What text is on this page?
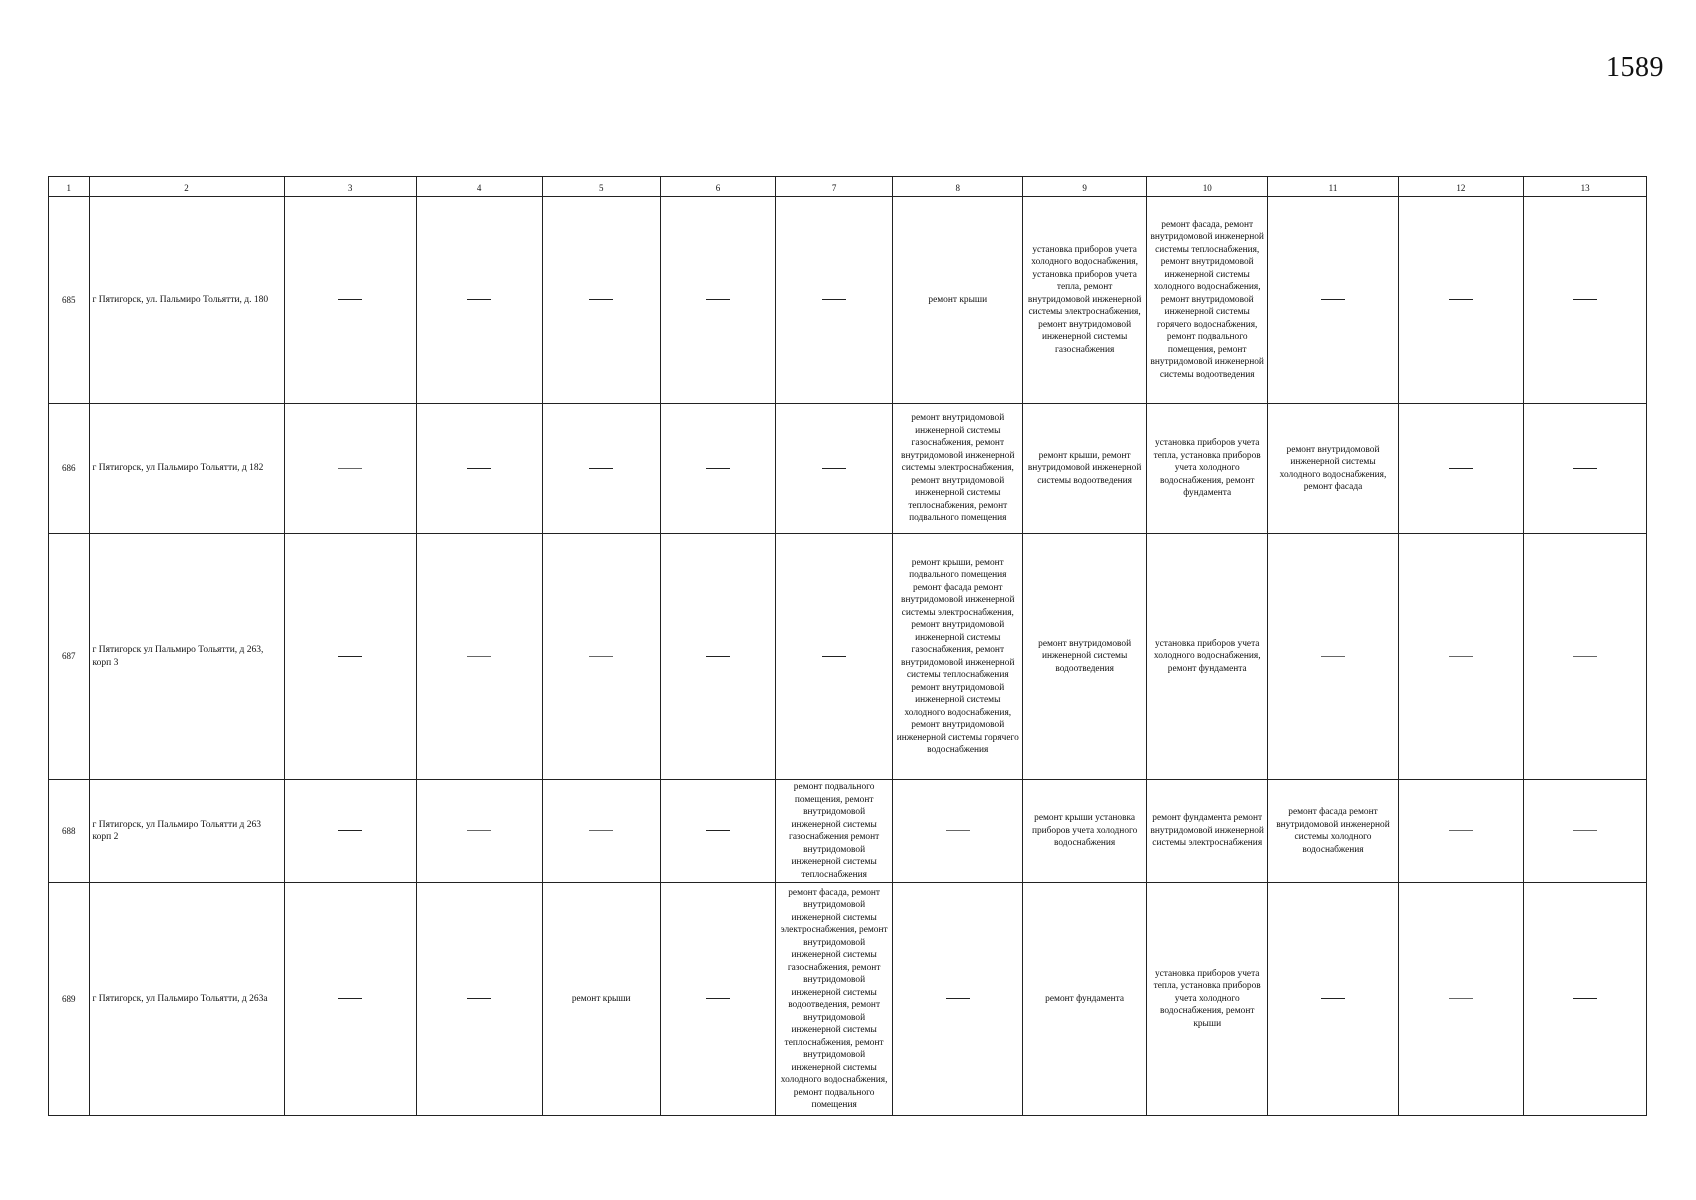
1589
1	2	3	4	5	6	7	8	9	10	11	12	13
685	г Пятигорск, ул. Пальмиро Тольятти, д. 180						ремонт крыши	установка приборов учета холодного водоснабжения, установка приборов учета тепла, ремонт внутридомовой инженерной системы электроснабжения, ремонт внутридомовой инженерной системы газоснабжения	ремонт фасада, ремонт внутридомовой инженерной системы теплоснабжения, ремонт внутридомовой инженерной системы холодного водоснабжения, ремонт внутридомовой инженерной системы горячего водоснабжения, ремонт подвального помещения, ремонт внутридомовой инженерной системы водоотведения			
686	г Пятигорск, ул Пальмиро Тольятти, д 182						ремонт внутридомовой инженерной системы газоснабжения, ремонт внутридомовой инженерной системы электроснабжения, ремонт внутридомовой инженерной системы теплоснабжения, ремонт подвального помещения	ремонт крыши, ремонт внутридомовой инженерной системы водоотведения	установка приборов учета тепла, установка приборов учета холодного водоснабжения, ремонт фундамента	ремонт внутридомовой инженерной системы холодного водоснабжения, ремонт фасада		
687	г Пятигорск ул Пальмиро Тольятти, д 263, корп 3						ремонт крыши, ремонт подвального помещения ремонт фасада ремонт внутридомовой инженерной системы электроснабжения, ремонт внутридомовой инженерной системы газоснабжения, ремонт внутридомовой инженерной системы теплоснабжения ремонт внутридомовой инженерной системы холодного водоснабжения, ремонт внутридомовой инженерной системы горячего водоснабжения	ремонт внутридомовой инженерной системы водоотведения	установка приборов учета холодного водоснабжения, ремонт фундамента			
688	г Пятигорск, ул Пальмиро Тольятти д 263 корп 2					ремонт подвального помещения, ремонт внутридомовой инженерной системы газоснабжения ремонт внутридомовой инженерной системы теплоснабжения		ремонт крыши установка приборов учета холодного водоснабжения	ремонт фундамента ремонт внутридомовой инженерной системы электроснабжения	ремонт фасада ремонт внутридомовой инженерной системы холодного водоснабжения		
689	г Пятигорск, ул Пальмиро Тольятти, д 263а			ремонт крыши		ремонт фасада, ремонт внутридомовой инженерной системы электроснабжения, ремонт внутридомовой инженерной системы газоснабжения, ремонт внутридомовой инженерной системы водоотведения, ремонт внутридомовой инженерной системы теплоснабжения, ремонт внутридомовой инженерной системы холодного водоснабжения, ремонт подвального помещения		ремонт фундамента	установка приборов учета тепла, установка приборов учета холодного водоснабжения, ремонт крыши			
